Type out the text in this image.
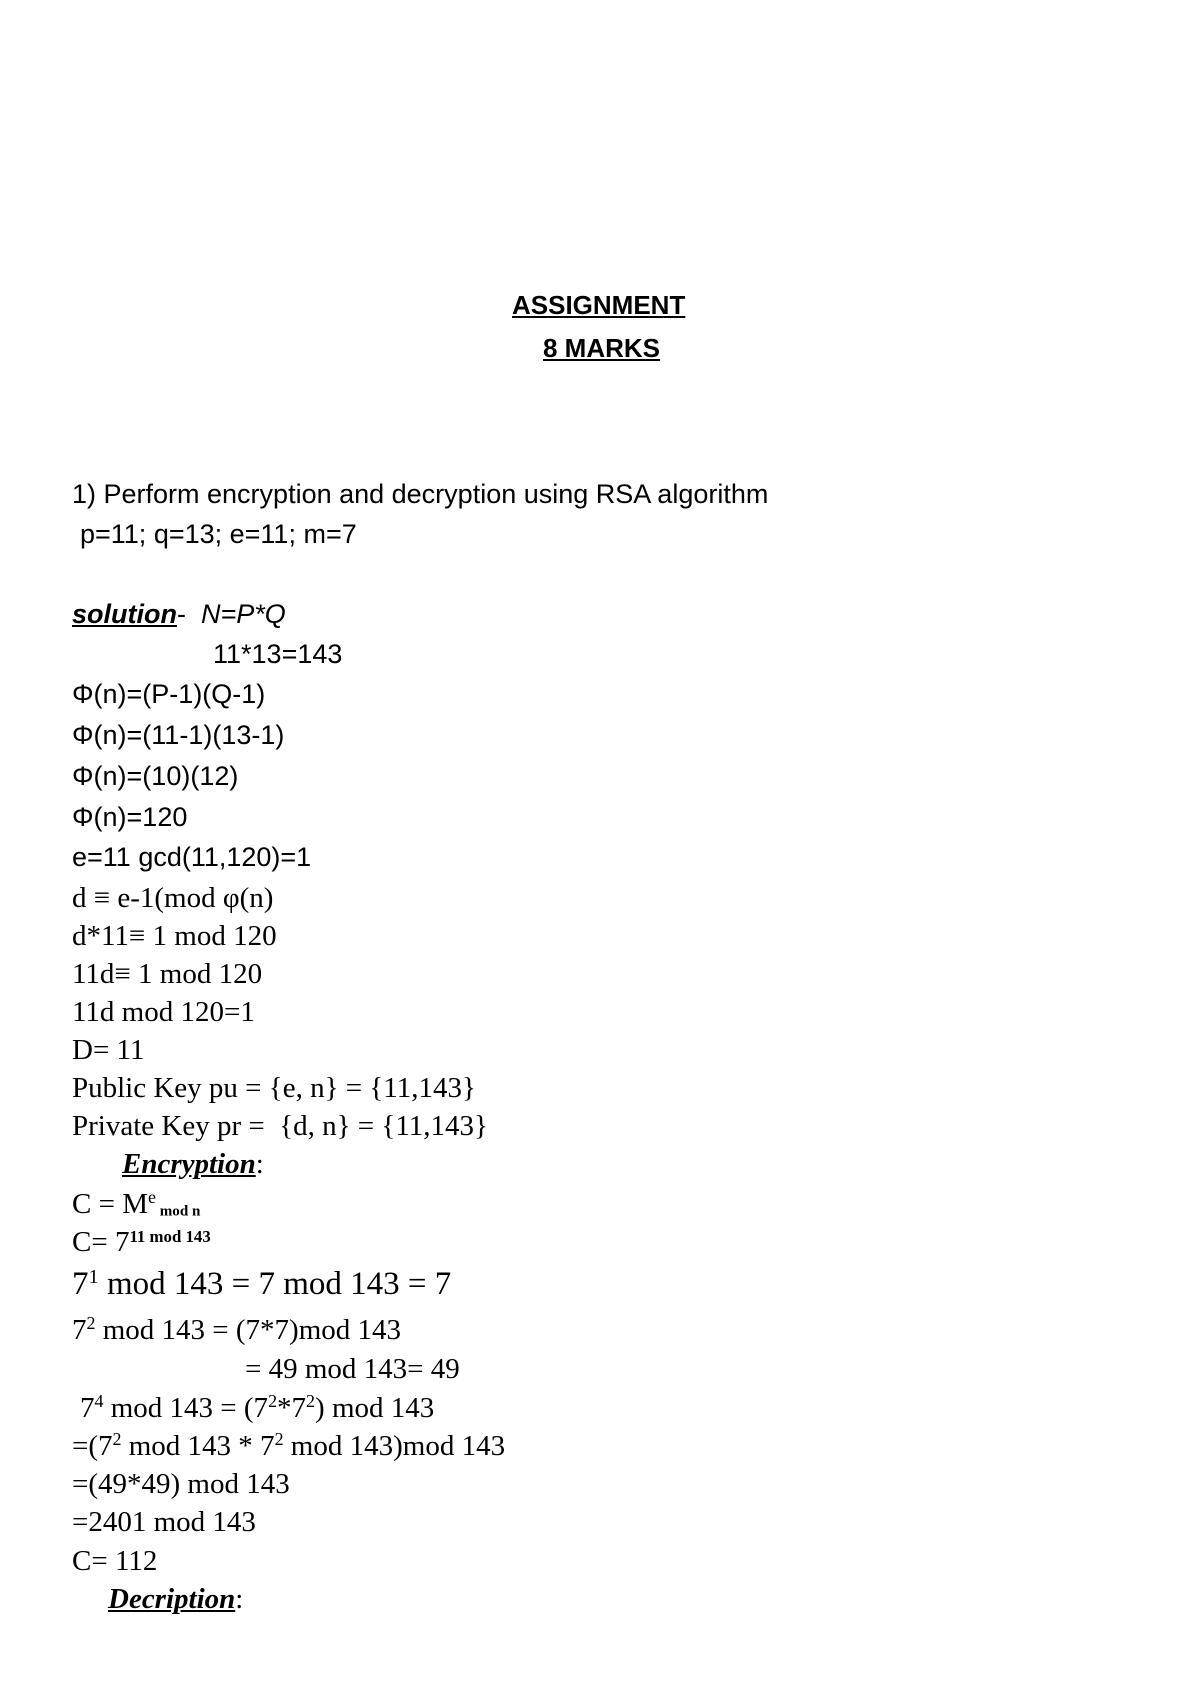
ASSIGNMENT
8 MARKS
1) Perform encryption and decryption using RSA algorithm
p=11; q=13; e=11; m=7
solution-  N=P*Q
11*13=143
Φ(n)=(P-1)(Q-1)
Φ(n)=(11-1)(13-1)
Φ(n)=(10)(12)
Φ(n)=120
e=11 gcd(11,120)=1
d ≡ e-1(mod φ(n)
d*11≡ 1 mod 120
11d≡ 1 mod 120
11d mod 120=1
D= 11
Public Key pu = {e, n} = {11,143}
Private Key pr =  {d, n} = {11,143}
Encryption:
$C = M^e$ $_{mod n}$
$C= 7^{11 mod 143}$
$7^1$ mod 143 = 7 mod 143 = 7
$7^2$ mod 143 = (7*7)mod 143
= 49 mod 143= 49
$7^4$ mod $143 = (7^2*7^2)$ mod 143
$=(7^2$ mod $143 * 7^2$ mod 143)mod 143
=(49*49) mod 143
=2401 mod 143
C= 112
Decription:
